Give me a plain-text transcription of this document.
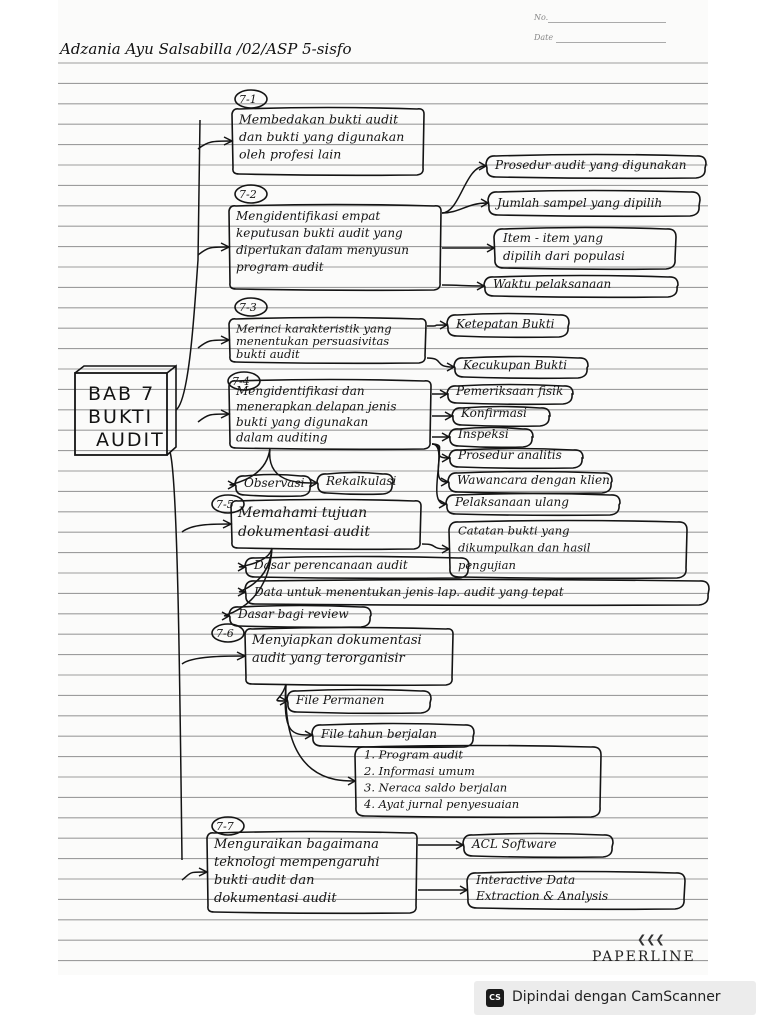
Adzania Ayu Salsabilla /02/ASP 5-sisfo
No.
Date
BAB 7
BUKTI
AUDIT
7-1
Membedakan bukti audit
dan bukti yang digunakan
oleh profesi lain
7-2
Mengidentifikasi empat
keputusan bukti audit yang
diperlukan dalam menyusun
program audit
Prosedur audit yang digunakan
Jumlah sampel yang dipilih
Item - item yang
dipilih dari populasi
Waktu pelaksanaan
7-3
Merinci karakteristik yang
menentukan persuasivitas
bukti audit
Ketepatan Bukti
Kecukupan Bukti
7-4
Mengidentifikasi dan
menerapkan delapan jenis
bukti yang digunakan
dalam auditing
Pemeriksaan fisik
Konfirmasi
Inspeksi
Prosedur analitis
Wawancara dengan klien
Pelaksanaan ulang
Observasi Rekalkulasi
7-5
Memahami tujuan
dokumentasi audit	Catatan bukti yang
dikumpulkan dan hasil
pengujian
Dasar perencanaan audit
Data untuk menentukan jenis lap. audit yang tepat
Dasar bagi review
7-6 Menyiapkan dokumentasi
audit yang terorganisir
File Permanen
File tahun berjalan
1. Program audit
2. Informasi umum
3. Neraca saldo berjalan
4. Ayat jurnal penyesuaian
7-7
Menguraikan bagaimana
teknologi mempengaruhi
bukti audit dan
dokumentasi audit
ACL Software
Interactive Data
Extraction & Analysis
❮❮❮
PAPERLINE
CS Dipindai dengan CamScanner
